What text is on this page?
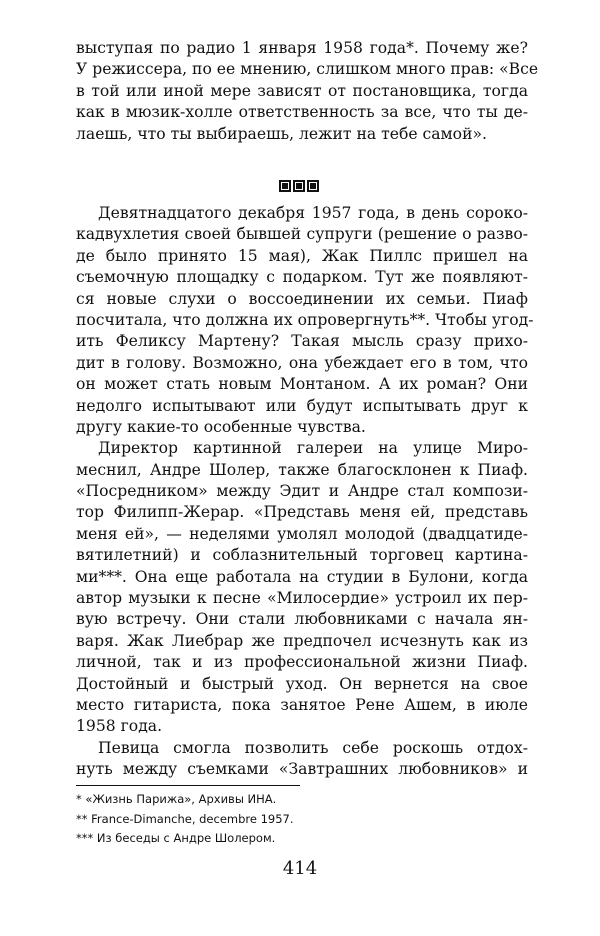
выступая по радио 1 января 1958 года*. Почему же?
У режиссера, по ее мнению, слишком много прав: «Все
в той или иной мере зависят от постановщика, тогда
как в мюзик-холле ответственность за все, что ты де-
лаешь, что ты выбираешь, лежит на тебе самой».
Девятнадцатого декабря 1957 года, в день сороко-
кадвухлетия своей бывшей супруги (решение о разво-
де было принято 15 мая), Жак Пиллс пришел на
съемочную площадку с подарком. Тут же появляют-
ся новые слухи о воссоединении их семьи. Пиаф
посчитала, что должна их опровергнуть**. Чтобы угод-
ить Феликсу Мартену? Такая мысль сразу прихо-
дит в голову. Возможно, она убеждает его в том, что
он может стать новым Монтаном. А их роман? Они
недолго испытывают или будут испытывать друг к
другу какие-то особенные чувства.
Директор картинной галереи на улице Миро-
меснил, Андре Шолер, также благосклонен к Пиаф.
«Посредником» между Эдит и Андре стал компози-
тор Филипп-Жерар. «Представь меня ей, представь
меня ей», — неделями умолял молодой (двадцатиде-
вятилетний) и соблазнительный торговец картина-
ми***. Она еще работала на студии в Булони, когда
автор музыки к песне «Милосердие» устроил их пер-
вую встречу. Они стали любовниками с начала ян-
варя. Жак Лиебрар же предпочел исчезнуть как из
личной, так и из профессиональной жизни Пиаф.
Достойный и быстрый уход. Он вернется на свое
место гитариста, пока занятое Рене Ашем, в июле
1958 года.
Певица смогла позволить себе роскошь отдох-
нуть между съемками «Завтрашних любовников» и
* «Жизнь Парижа», Архивы ИНА.
** France-Dimanche, decembre 1957.
*** Из беседы с Андре Шолером.
414
